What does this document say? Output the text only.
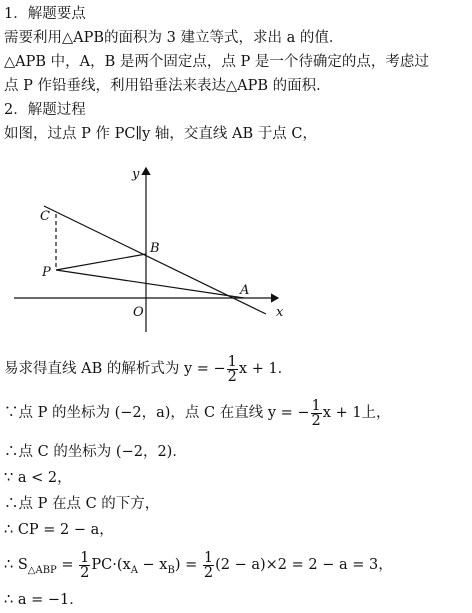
1．解题要点
需要利用△APB的面积为 3 建立等式，求出 a 的值．
△APB 中，A，B 是两个固定点，点 P 是一个待确定的点，考虑过
点 P 作铅垂线，利用铅垂法来表达△APB 的面积．
2．解题过程
如图，过点 P 作 PC∥y 轴，交直线 AB 于点 C，
y
x
O
A
B
C
P
易求得直线 AB 的解析式为 y = − $\frac{1}{2}$ x + 1．
∵点 P 的坐标为 (−2，a)，点 C 在直线 y = − $\frac{1}{2}$ x + 1上，
∴点 C 的坐标为 (−2，2)．
∵ a < 2，
∴点 P 在点 C 的下方，
∴ CP = 2 − a，
∴ $S_{\triangle ABP} = \frac{1}{2} PC\cdot(x_A - x_B) = \frac{1}{2} (2 - a)\times 2 = 2 - a = 3$，
∴ a = −1．
